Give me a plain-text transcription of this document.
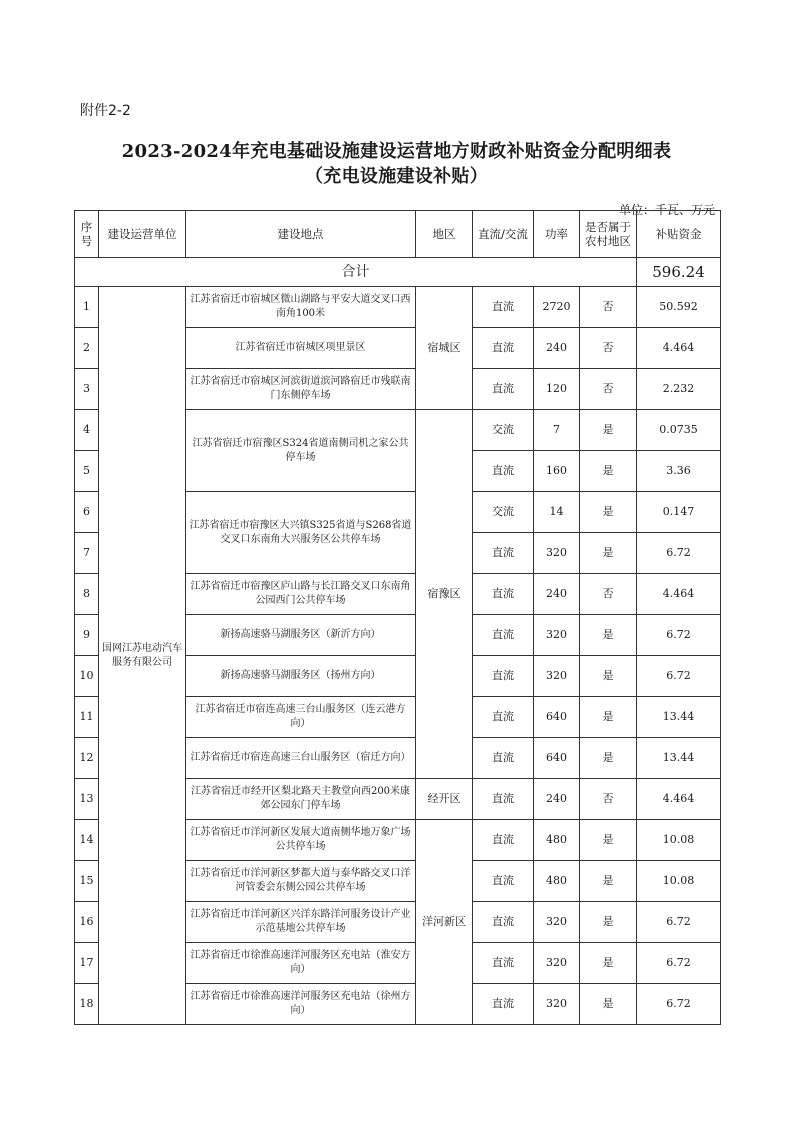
附件2-2
2023-2024年充电基础设施建设运营地方财政补贴资金分配明细表
（充电设施建设补贴）
单位：千瓦、万元
序号	建设运营单位	建设地点	地区	直流/交流	功率	是否属于农村地区	补贴资金
合计							596.24
1	国网江苏电动汽车服务有限公司	江苏省宿迁市宿城区微山湖路与平安大道交叉口西南角100米	宿城区	直流	2720	否	50.592
2		江苏省宿迁市宿城区项里景区		直流	240	否	4.464
3		江苏省宿迁市宿城区河滨街道滨河路宿迁市残联南门东侧停车场		直流	120	否	2.232
4		江苏省宿迁市宿豫区S324省道南侧司机之家公共停车场	宿豫区	交流	7	是	0.0735
5				直流	160	是	3.36
6		江苏省宿迁市宿豫区大兴镇S325省道与S268省道交叉口东南角大兴服务区公共停车场		交流	14	是	0.147
7				直流	320	是	6.72
8		江苏省宿迁市宿豫区庐山路与长江路交叉口东南角公园西门公共停车场		直流	240	否	4.464
9		新扬高速骆马湖服务区（新沂方向）		直流	320	是	6.72
10		新扬高速骆马湖服务区（扬州方向）		直流	320	是	6.72
11		江苏省宿迁市宿连高速三台山服务区（连云港方向）		直流	640	是	13.44
12		江苏省宿迁市宿连高速三台山服务区（宿迁方向）		直流	640	是	13.44
13		江苏省宿迁市经开区梨北路天主教堂向西200米康郊公园东门停车场	经开区	直流	240	否	4.464
14		江苏省宿迁市洋河新区发展大道南侧华地万象广场公共停车场	洋河新区	直流	480	是	10.08
15		江苏省宿迁市洋河新区梦都大道与泰华路交叉口洋河管委会东侧公园公共停车场		直流	480	是	10.08
16		江苏省宿迁市洋河新区兴洋东路洋河服务设计产业示范基地公共停车场		直流	320	是	6.72
17		江苏省宿迁市徐淮高速洋河服务区充电站（淮安方向）		直流	320	是	6.72
18		江苏省宿迁市徐淮高速洋河服务区充电站（徐州方向）		直流	320	是	6.72
